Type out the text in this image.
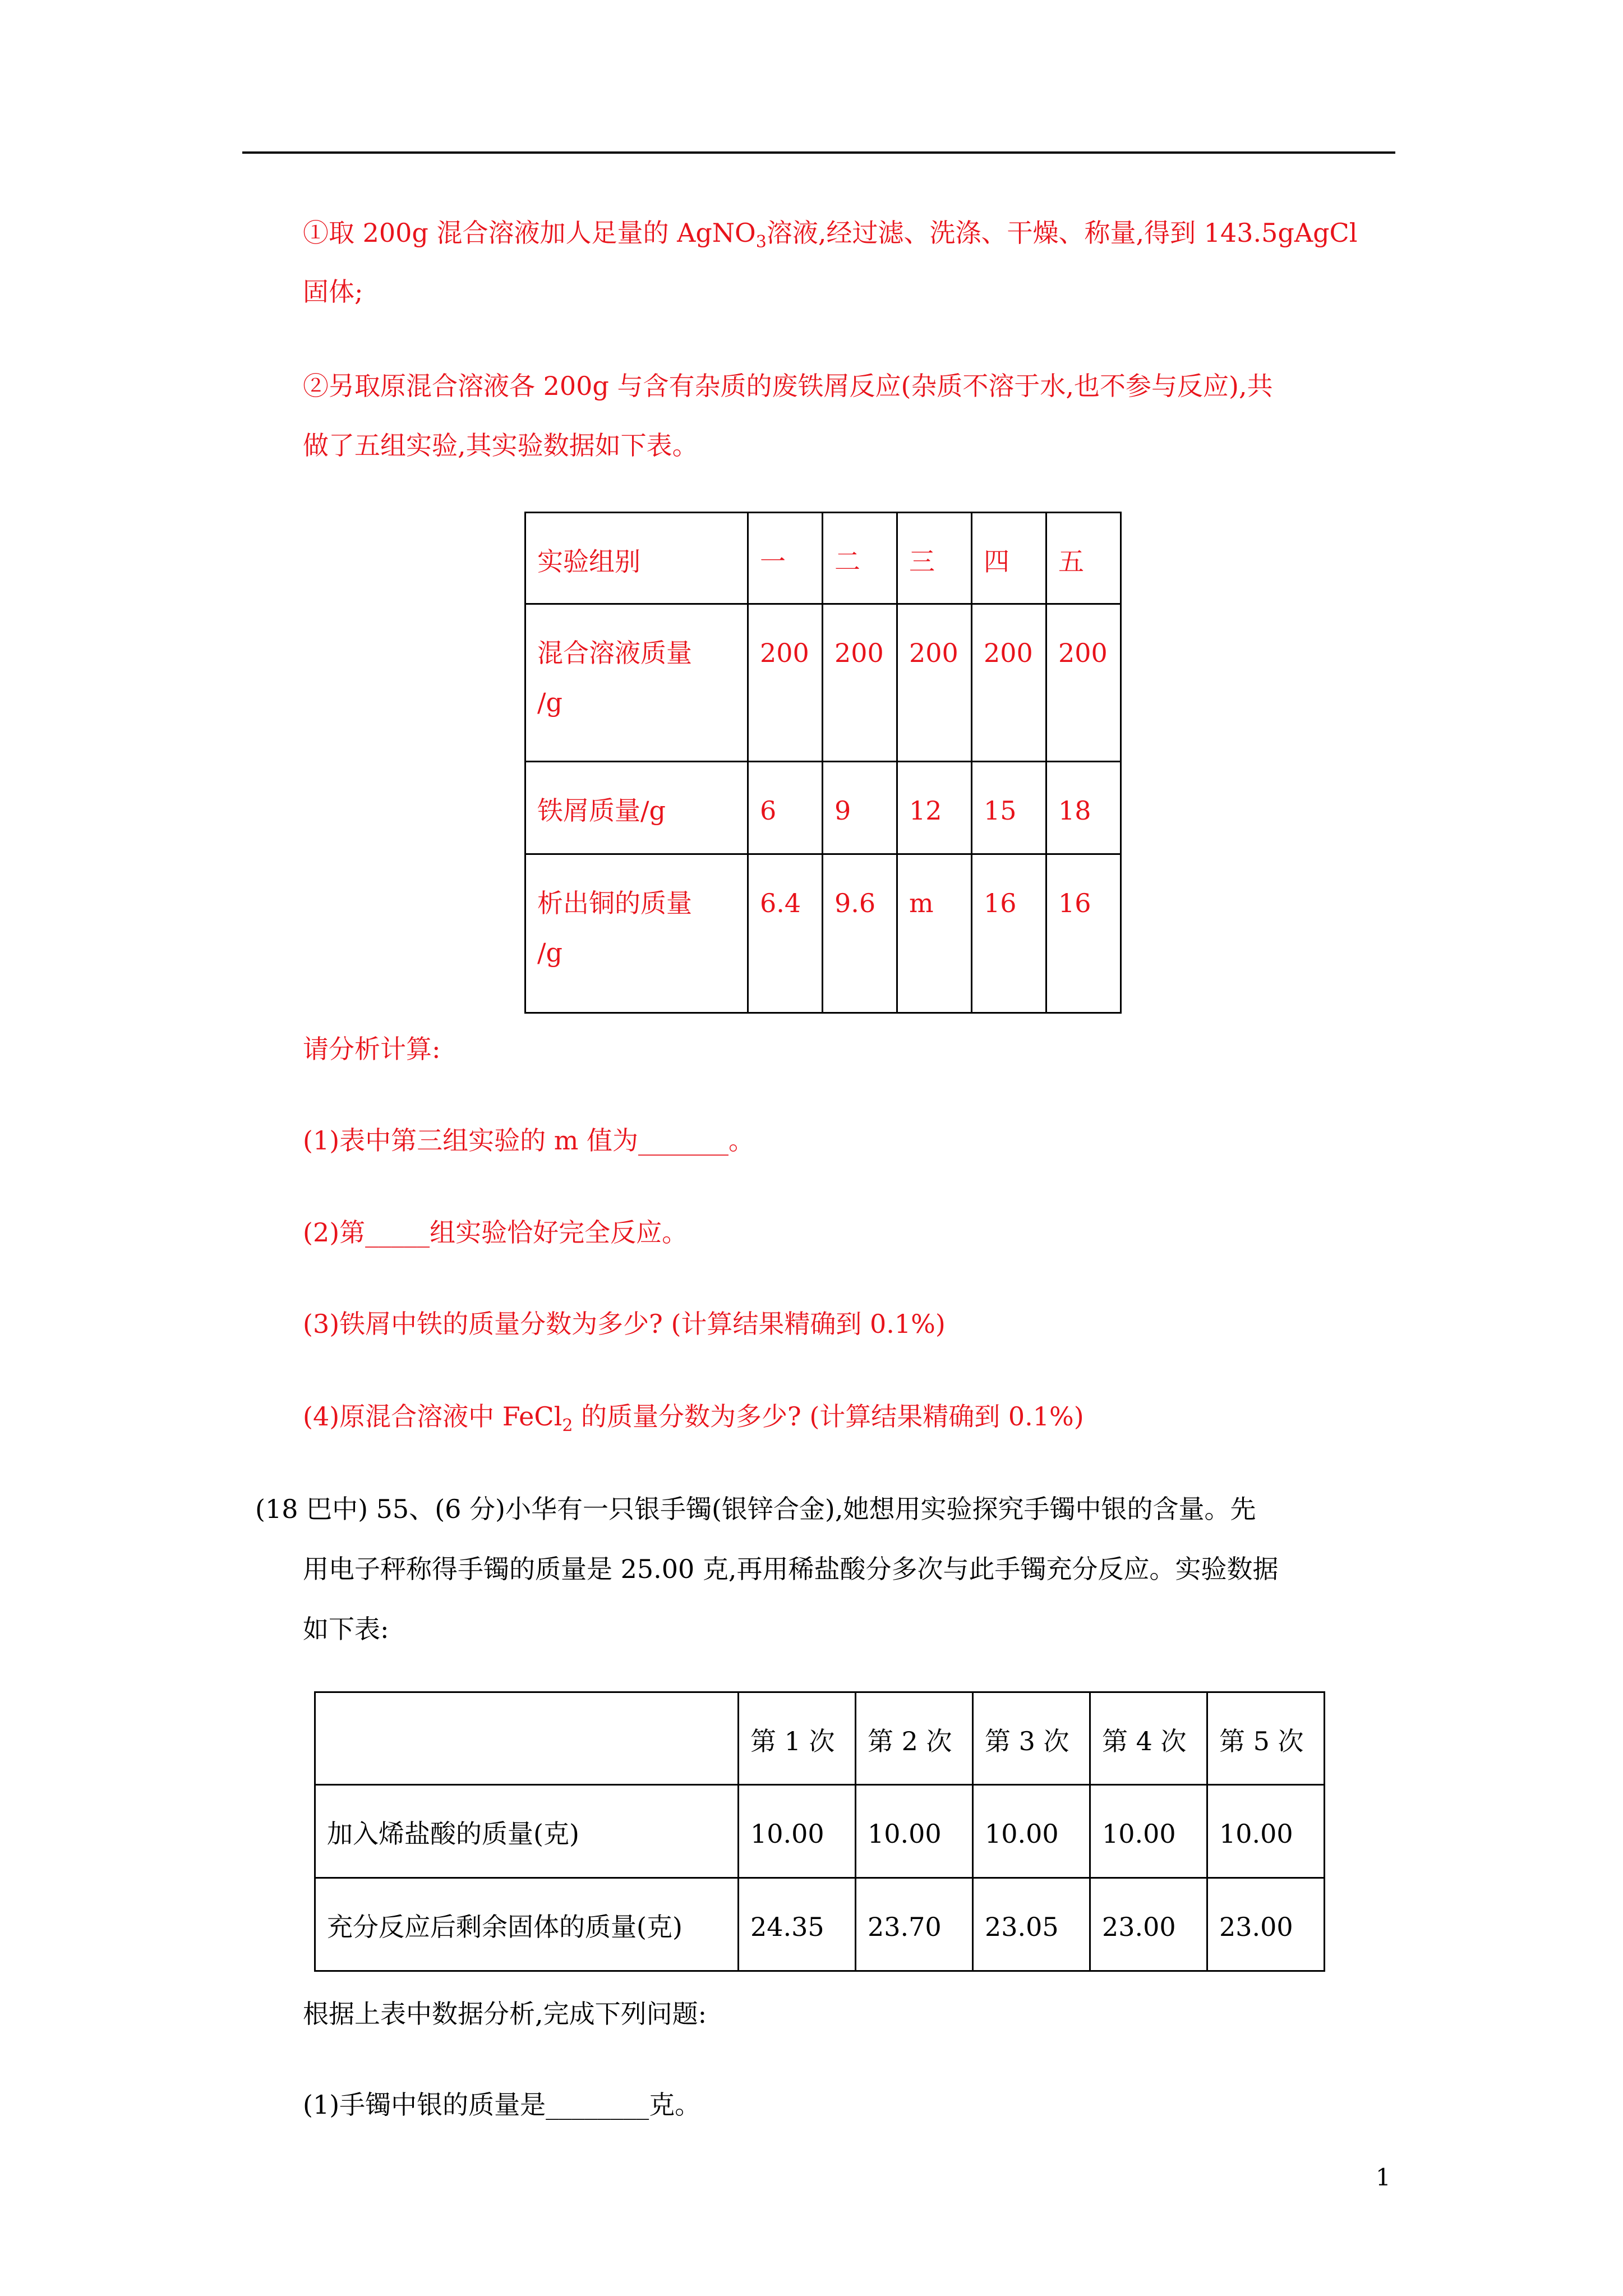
①取 200g 混合溶液加人足量的 AgNO$_3$溶液,经过滤、洗涤、干燥、称量,得到 143.5gAgCl
固体;
②另取原混合溶液各 200g 与含有杂质的废铁屑反应(杂质不溶于水,也不参与反应),共
做了五组实验,其实验数据如下表。
实验组别	一	二	三	四	五

混合溶液质量
/g	200	200	200	200	200
铁屑质量/g	6	9	12	15	18

析出铜的质量
/g	6.4	9.6	m	16	16
请分析计算:
(1)表中第三组实验的 m 值为_______。
(2)第_____组实验恰好完全反应。
(3)铁屑中铁的质量分数为多少? (计算结果精确到 0.1%)
(4)原混合溶液中 FeCl$_2$ 的质量分数为多少? (计算结果精确到 0.1%)
(18 巴中) 55、(6 分)小华有一只银手镯(银锌合金),她想用实验探究手镯中银的含量。先
用电子秤称得手镯的质量是 25.00 克,再用稀盐酸分多次与此手镯充分反应。实验数据
如下表:
	第 1 次	第 2 次	第 3 次	第 4 次	第 5 次
加入烯盐酸的质量(克)	10.00	10.00	10.00	10.00	10.00
充分反应后剩余固体的质量(克)	24.35	23.70	23.05	23.00	23.00
根据上表中数据分析,完成下列问题:
(1)手镯中银的质量是________克。
1
